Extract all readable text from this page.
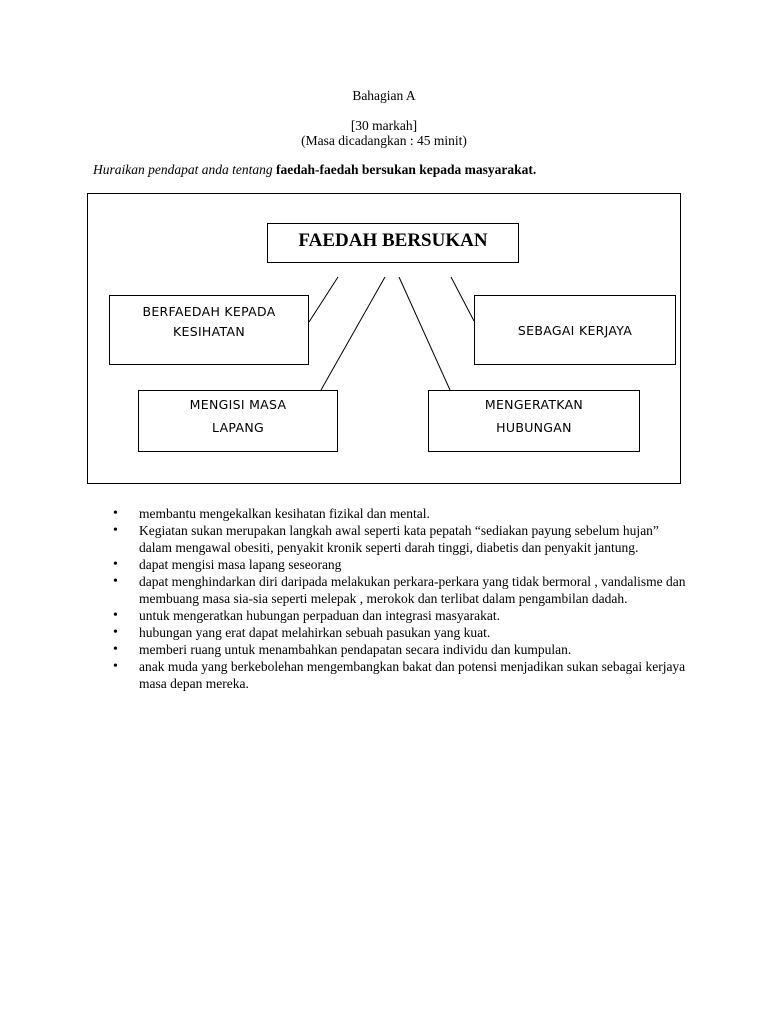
Bahagian A
[30 markah]
(Masa dicadangkan : 45 minit)
Huraikan pendapat anda tentang faedah-faedah bersukan kepada masyarakat.
FAEDAH BERSUKAN
BERFAEDAH KEPADA
KESIHATAN	SEBAGAI KERJAYA
MENGISI MASA
LAPANG
MENGERATKAN
HUBUNGAN
• membantu mengekalkan kesihatan fizikal dan mental.
• Kegiatan sukan merupakan langkah awal seperti kata pepatah “sediakan payung sebelum hujan” dalam mengawal obesiti, penyakit kronik seperti darah tinggi, diabetis dan penyakit jantung.
• dapat mengisi masa lapang seseorang
• dapat menghindarkan diri daripada melakukan perkara-perkara yang tidak bermoral , vandalisme dan membuang masa sia-sia seperti melepak , merokok dan terlibat dalam pengambilan dadah.
• untuk mengeratkan hubungan perpaduan dan integrasi masyarakat.
• hubungan yang erat dapat melahirkan sebuah pasukan yang kuat.
• memberi ruang untuk menambahkan pendapatan secara individu dan kumpulan.
• anak muda yang berkebolehan mengembangkan bakat dan potensi menjadikan sukan sebagai kerjaya masa depan mereka.
